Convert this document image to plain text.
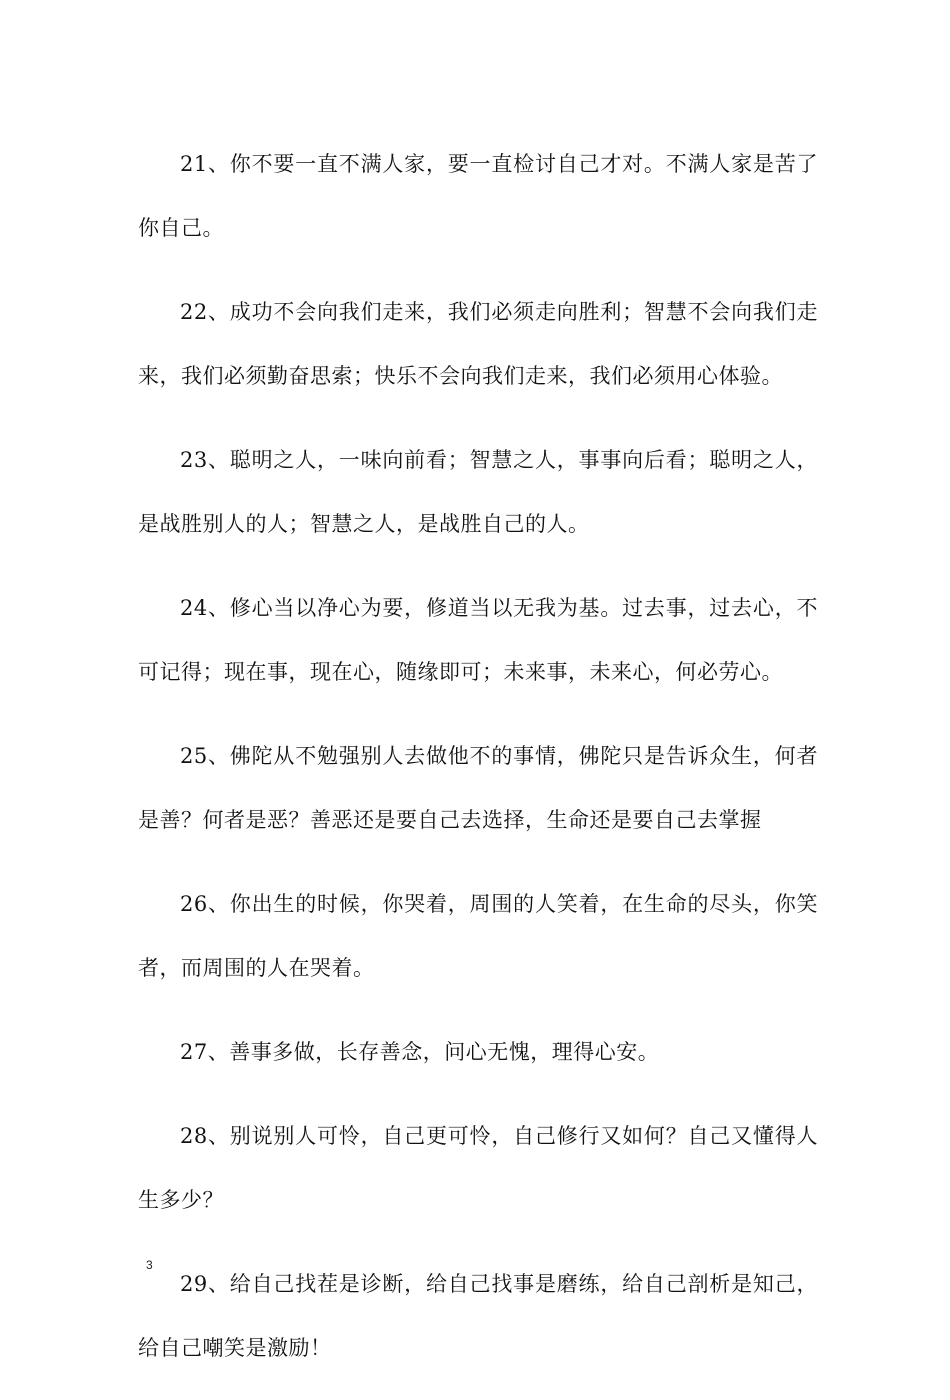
21、你不要一直不满人家，要一直检讨自己才对。不满人家是苦了你自己。

22、成功不会向我们走来，我们必须走向胜利；智慧不会向我们走来，我们必须勤奋思索；快乐不会向我们走来，我们必须用心体验。

23、聪明之人，一味向前看；智慧之人，事事向后看；聪明之人，是战胜别人的人；智慧之人，是战胜自己的人。

24、修心当以净心为要，修道当以无我为基。过去事，过去心，不可记得；现在事，现在心，随缘即可；未来事，未来心，何必劳心。

25、佛陀从不勉强别人去做他不的事情，佛陀只是告诉众生，何者是善？何者是恶？善恶还是要自己去选择，生命还是要自己去掌握

26、你出生的时候，你哭着，周围的人笑着，在生命的尽头，你笑者，而周围的人在哭着。

27、善事多做，长存善念，问心无愧，理得心安。

28、别说别人可怜，自己更可怜，自己修行又如何？自己又懂得人生多少？

29、给自己找茬是诊断，给自己找事是磨练，给自己剖析是知己，给自己嘲笑是激励！

3
